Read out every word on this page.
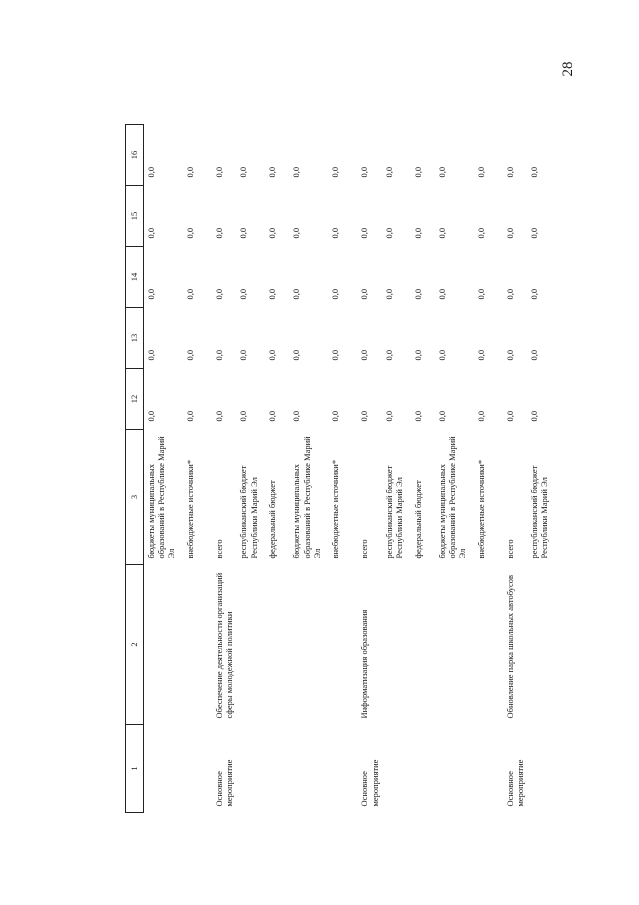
28
1	2	3	12	13	14	15	16
		бюджеты муниципальных образований в Республике Марий Эл	0,0	0,0	0,0	0,0	0,0
		внебюджетные источники*	0,0	0,0	0,0	0,0	0,0
Основное мероприятие	Обеспечение деятельности организаций сферы молодежной политики	всего	0,0	0,0	0,0	0,0	0,0
		республиканский бюджет Республики Марий Эл	0,0	0,0	0,0	0,0	0,0
		федеральный бюджет	0,0	0,0	0,0	0,0	0,0
		бюджеты муниципальных образований в Республике Марий Эл	0,0	0,0	0,0	0,0	0,0
		внебюджетные источники*	0,0	0,0	0,0	0,0	0,0
Основное мероприятие	Информатизация образования	всего	0,0	0,0	0,0	0,0	0,0
		республиканский бюджет Республики Марий Эл	0,0	0,0	0,0	0,0	0,0
		федеральный бюджет	0,0	0,0	0,0	0,0	0,0
		бюджеты муниципальных образований в Республике Марий Эл	0,0	0,0	0,0	0,0	0,0
		внебюджетные источники*	0,0	0,0	0,0	0,0	0,0
Основное мероприятие	Обновление парка школьных автобусов	всего	0,0	0,0	0,0	0,0	0,0
		республиканский бюджет Республики Марий Эл	0,0	0,0	0,0	0,0	0,0
